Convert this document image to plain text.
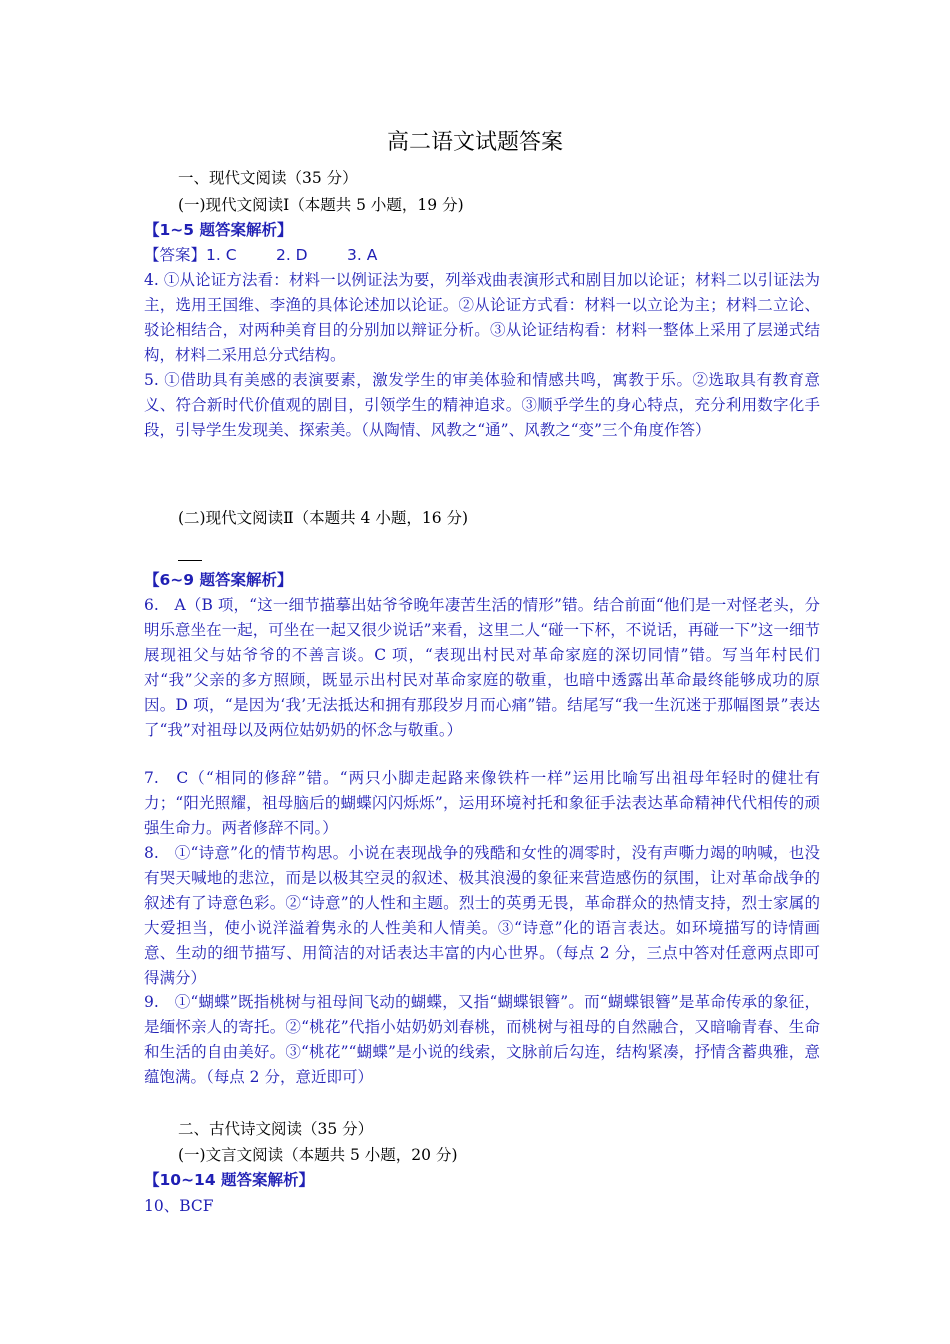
高二语文试题答案
一、现代文阅读（35 分）
(一)现代文阅读Ⅰ（本题共 5 小题，19 分)
【1~5 题答案解析】
【答案】1. C        2. D        3. A
4. ①从论证方法看：材料一以例证法为要，列举戏曲表演形式和剧目加以论证；材料二以引证法为主，选用王国维、李渔的具体论述加以论证。②从论证方式看：材料一以立论为主；材料二立论、驳论相结合，对两种美育目的分别加以辩证分析。③从论证结构看：材料一整体上采用了层递式结构，材料二采用总分式结构。
5. ①借助具有美感的表演要素，激发学生的审美体验和情感共鸣，寓教于乐。②选取具有教育意义、符合新时代价值观的剧目，引领学生的精神追求。③顺乎学生的身心特点，充分利用数字化手段，引导学生发现美、探索美。（从陶情、风教之“通”、风教之“变”三个角度作答）
(二)现代文阅读Ⅱ（本题共 4 小题，16 分)
【6~9 题答案解析】
6.　A（B 项，“这一细节描摹出姑爷爷晚年凄苦生活的情形”错。结合前面“他们是一对怪老头，分明乐意坐在一起，可坐在一起又很少说话”来看，这里二人“碰一下杯，不说话，再碰一下”这一细节展现祖父与姑爷爷的不善言谈。C 项，“表现出村民对革命家庭的深切同情”错。写当年村民们对“我”父亲的多方照顾，既显示出村民对革命家庭的敬重，也暗中透露出革命最终能够成功的原因。D 项，“是因为‘我’无法抵达和拥有那段岁月而心痛”错。结尾写“我一生沉迷于那幅图景”表达了“我”对祖母以及两位姑奶奶的怀念与敬重。）
7.　C（“相同的修辞”错。“两只小脚走起路来像铁杵一样”运用比喻写出祖母年轻时的健壮有力；“阳光照耀，祖母脑后的蝴蝶闪闪烁烁”，运用环境衬托和象征手法表达革命精神代代相传的顽强生命力。两者修辞不同。）
8.　①“诗意”化的情节构思。小说在表现战争的残酷和女性的凋零时，没有声嘶力竭的呐喊，也没有哭天喊地的悲泣，而是以极其空灵的叙述、极其浪漫的象征来营造感伤的氛围，让对革命战争的叙述有了诗意色彩。②“诗意”的人性和主题。烈士的英勇无畏，革命群众的热情支持，烈士家属的大爱担当，使小说洋溢着隽永的人性美和人情美。③“诗意”化的语言表达。如环境描写的诗情画意、生动的细节描写、用简洁的对话表达丰富的内心世界。（每点 2 分，三点中答对任意两点即可得满分）
9.　①“蝴蝶”既指桃树与祖母间飞动的蝴蝶，又指“蝴蝶银簪”。而“蝴蝶银簪”是革命传承的象征，是缅怀亲人的寄托。②“桃花”代指小姑奶奶刘春桃，而桃树与祖母的自然融合，又暗喻青春、生命和生活的自由美好。③“桃花”“蝴蝶”是小说的线索，文脉前后勾连，结构紧凑，抒情含蓄典雅，意蕴饱满。（每点 2 分，意近即可）
二、古代诗文阅读（35 分）
(一)文言文阅读（本题共 5 小题，20 分)
【10~14 题答案解析】
10、BCF
